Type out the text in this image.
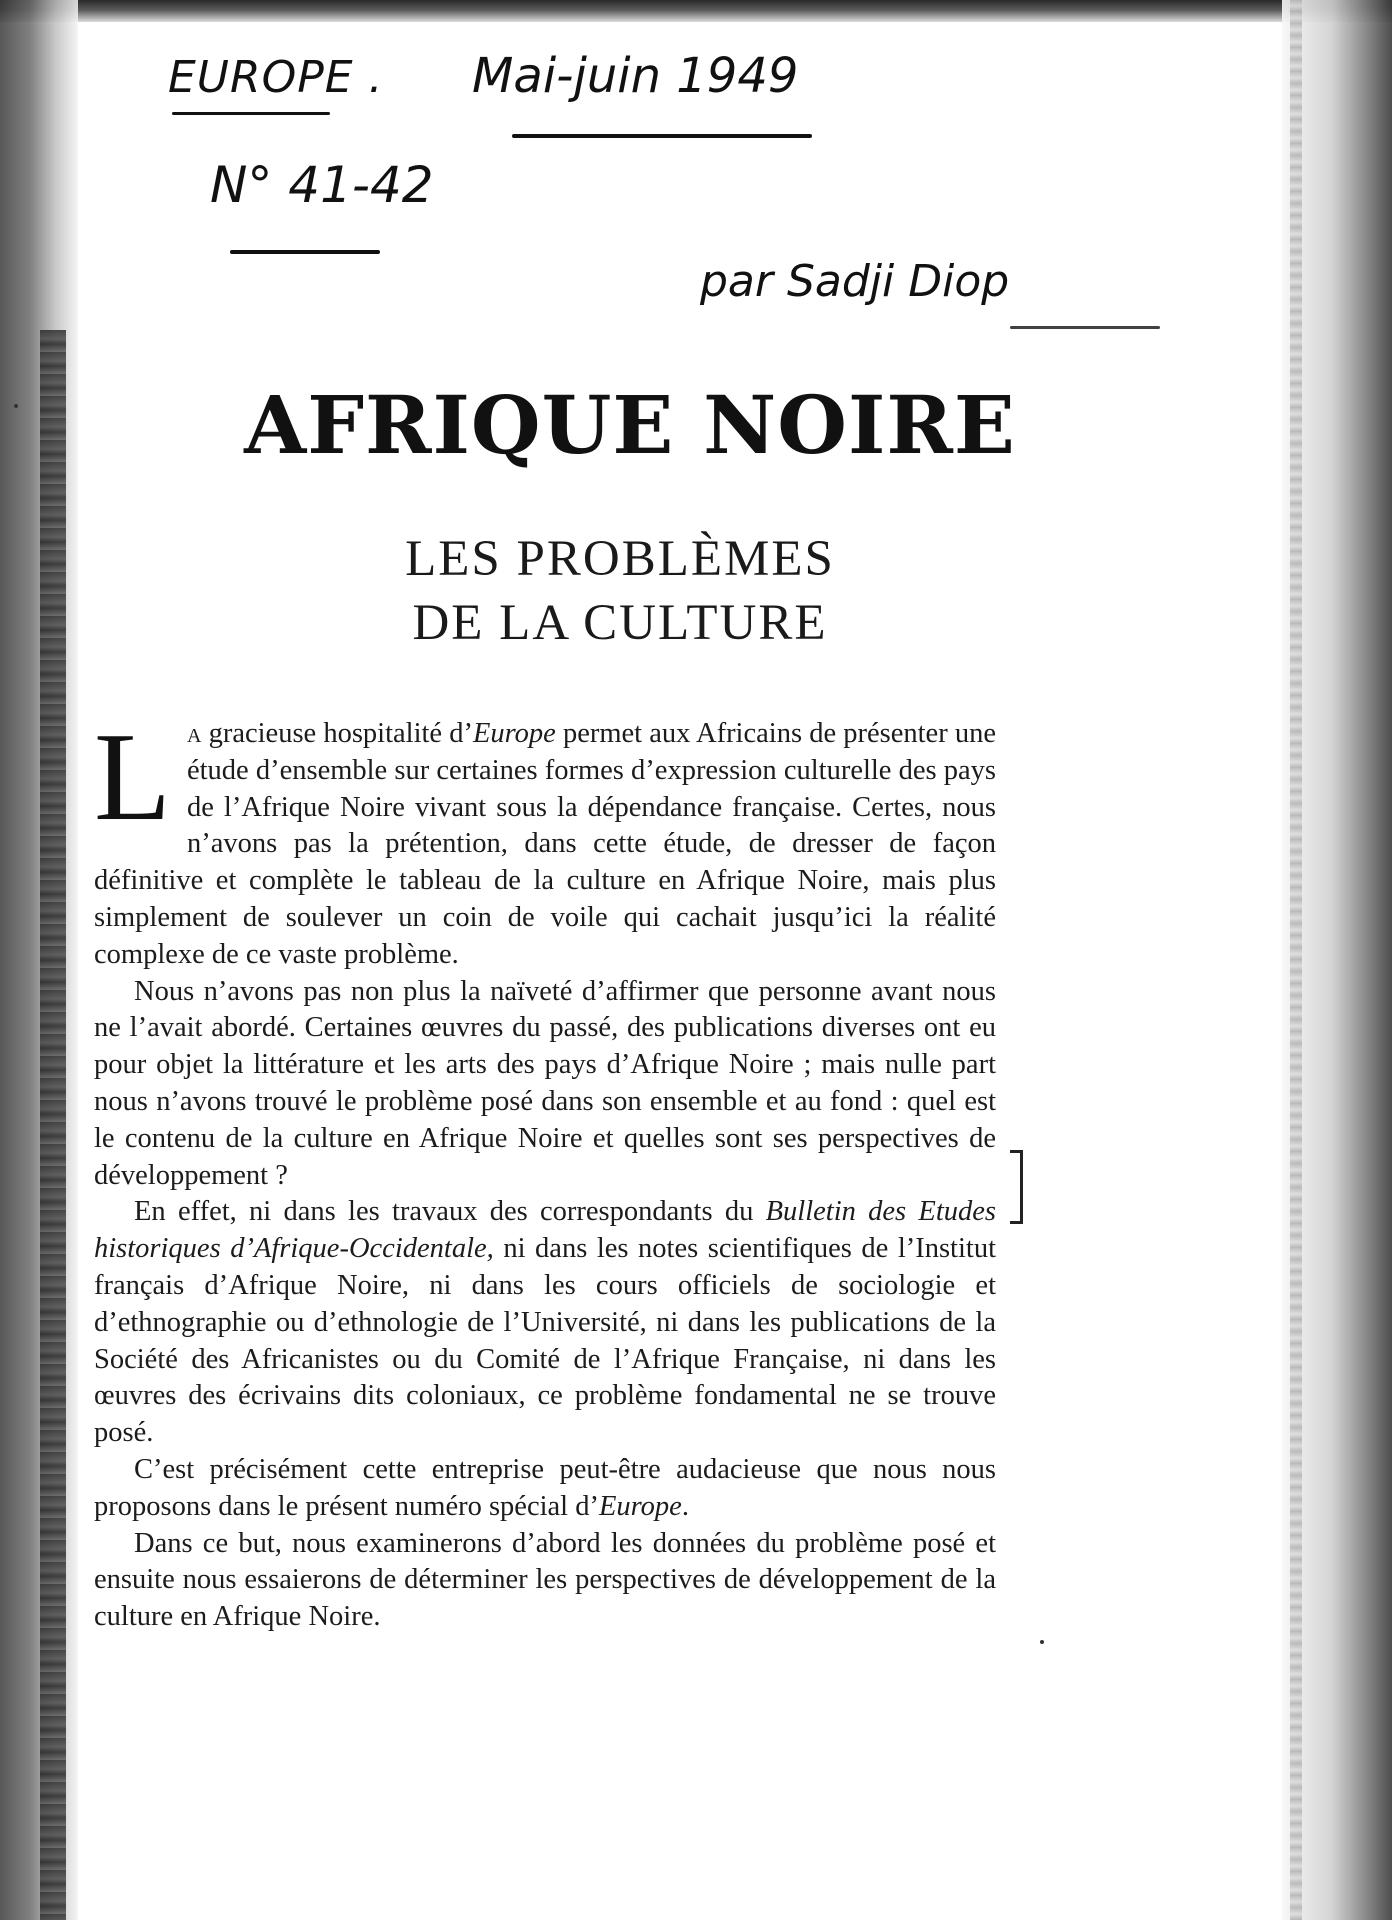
EUROPE . Mai-juin 1949
N° 41-42
par Sadji Diop
AFRIQUE NOIRE
LES PROBLÈMES
DE LA CULTURE

L a gracieuse hospitalité d’Europe permet aux Africains de présenter une étude d’ensemble sur certaines formes d’expression culturelle des pays de l’Afrique Noire vivant sous la dépendance française. Certes, nous n’avons pas la prétention, dans cette étude, de dresser de façon définitive et complète le tableau de la culture en Afrique Noire, mais plus simplement de soulever un coin de voile qui cachait jusqu’ici la réalité complexe de ce vaste problème.

Nous n’avons pas non plus la naïveté d’affirmer que personne avant nous ne l’avait abordé. Certaines œuvres du passé, des publications diverses ont eu pour objet la littérature et les arts des pays d’Afrique Noire ; mais nulle part nous n’avons trouvé le problème posé dans son ensemble et au fond : quel est le contenu de la culture en Afrique Noire et quelles sont ses perspectives de développement ?

En effet, ni dans les travaux des correspondants du Bulletin des Etudes historiques d’Afrique-Occidentale, ni dans les notes scientifiques de l’Institut français d’Afrique Noire, ni dans les cours officiels de sociologie et d’ethnographie ou d’ethnologie de l’Université, ni dans les publications de la Société des Africanistes ou du Comité de l’Afrique Française, ni dans les œuvres des écrivains dits coloniaux, ce problème fondamental ne se trouve posé.

C’est précisément cette entreprise peut-être audacieuse que nous nous proposons dans le présent numéro spécial d’Europe.

Dans ce but, nous examinerons d’abord les données du problème posé et ensuite nous essaierons de déterminer les perspectives de développement de la culture en Afrique Noire.
